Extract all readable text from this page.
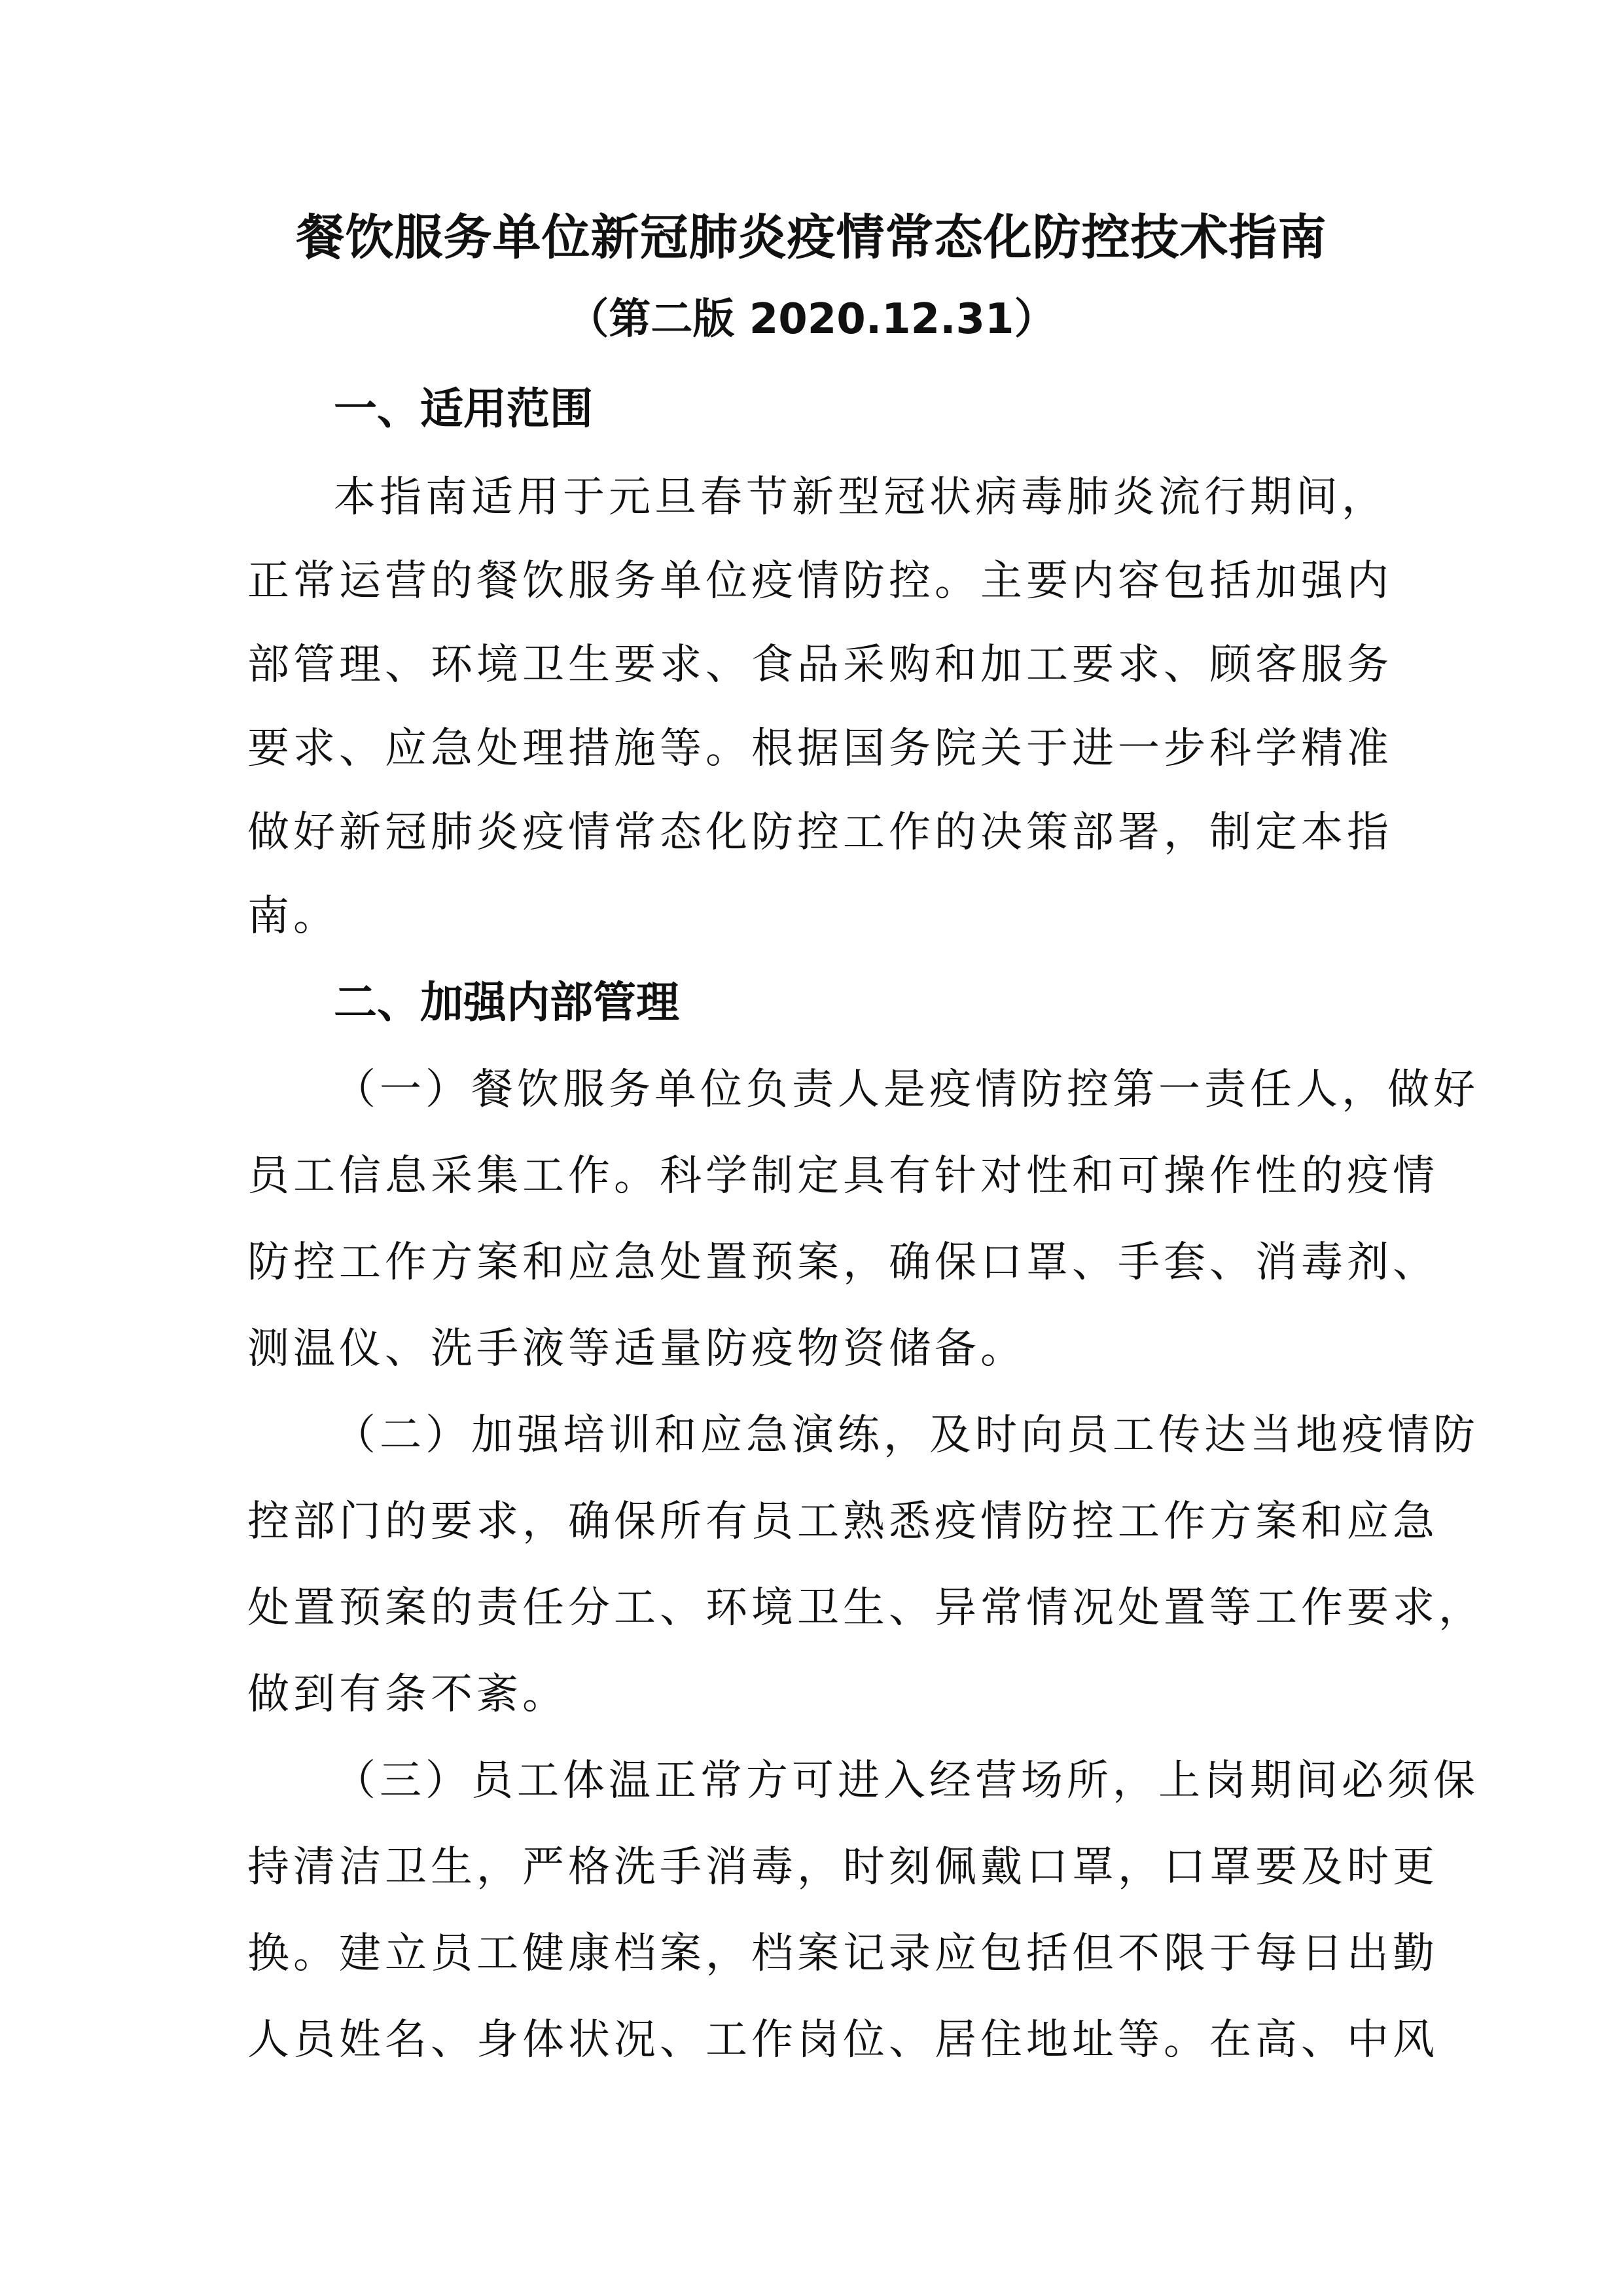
餐饮服务单位新冠肺炎疫情常态化防控技术指南
（第二版 2020.12.31）
一、适用范围
本指南适用于元旦春节新型冠状病毒肺炎流行期间，
正常运营的餐饮服务单位疫情防控。主要内容包括加强内
部管理、环境卫生要求、食品采购和加工要求、顾客服务
要求、应急处理措施等。根据国务院关于进一步科学精准
做好新冠肺炎疫情常态化防控工作的决策部署，制定本指
南。
二、加强内部管理
（一）餐饮服务单位负责人是疫情防控第一责任人，做好
员工信息采集工作。科学制定具有针对性和可操作性的疫情
防控工作方案和应急处置预案，确保口罩、手套、消毒剂、
测温仪、洗手液等适量防疫物资储备。
（二）加强培训和应急演练，及时向员工传达当地疫情防
控部门的要求，确保所有员工熟悉疫情防控工作方案和应急
处置预案的责任分工、环境卫生、异常情况处置等工作要求，
做到有条不紊。
（三）员工体温正常方可进入经营场所，上岗期间必须保
持清洁卫生，严格洗手消毒，时刻佩戴口罩，口罩要及时更
换。建立员工健康档案，档案记录应包括但不限于每日出勤
人员姓名、身体状况、工作岗位、居住地址等。在高、中风
